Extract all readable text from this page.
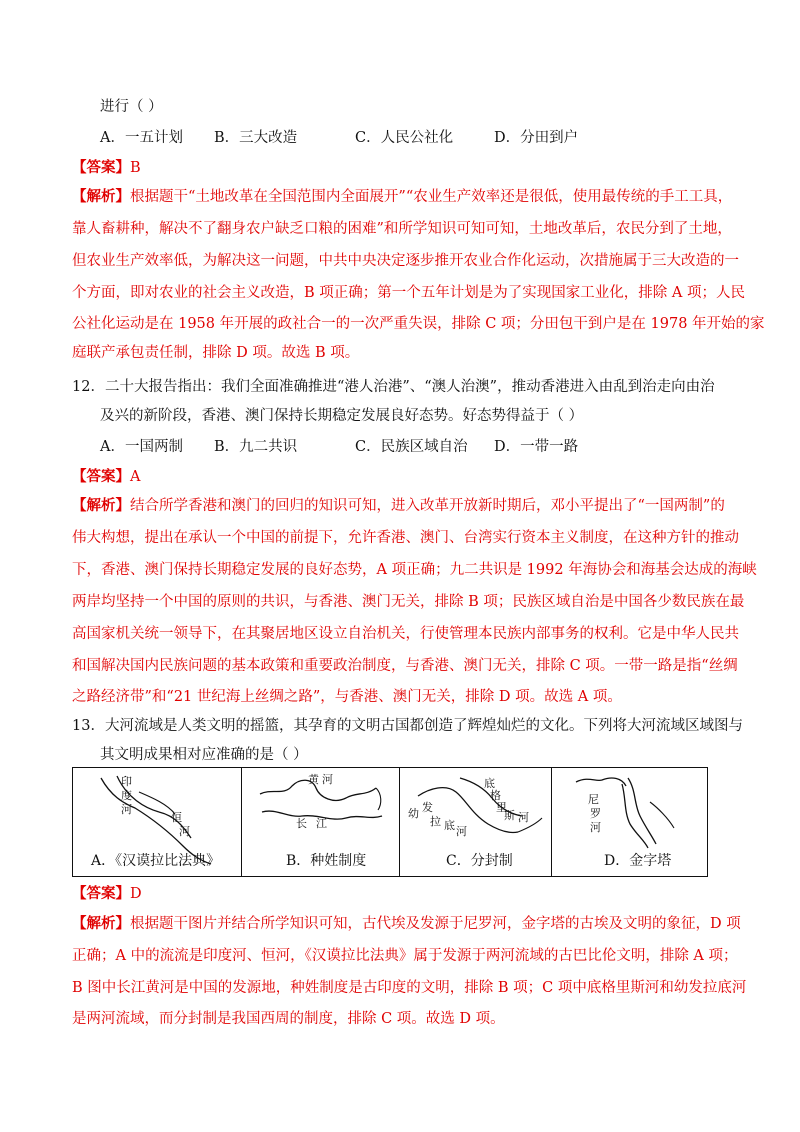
进行（ ）
A．一五计划 B．三大改造	C．人民公社化	D．分田到户
【答案】B
【解析】根据题干“土地改革在全国范围内全面展开”“农业生产效率还是很低，使用最传统的手工工具，
靠人畜耕种，解决不了翻身农户缺乏口粮的困难”和所学知识可知可知，土地改革后，农民分到了土地，
但农业生产效率低，为解决这一问题，中共中央决定逐步推开农业合作化运动，次措施属于三大改造的一
个方面，即对农业的社会主义改造，B 项正确；第一个五年计划是为了实现国家工业化，排除 A 项；人民
公社化运动是在 1958 年开展的政社合一的一次严重失误，排除 C 项；分田包干到户是在 1978 年开始的家
庭联产承包责任制，排除 D 项。故选 B 项。
12．二十大报告指出：我们全面准确推进“港人治港”、“澳人治澳”，推动香港进入由乱到治走向由治
及兴的新阶段，香港、澳门保持长期稳定发展良好态势。好态势得益于（ ）
A．一国两制 B．九二共识	C．民族区域自治 D．一带一路
【答案】A
【解析】结合所学香港和澳门的回归的知识可知，进入改革开放新时期后，邓小平提出了“一国两制”的
伟大构想，提出在承认一个中国的前提下，允许香港、澳门、台湾实行资本主义制度，在这种方针的推动
下，香港、澳门保持长期稳定发展的良好态势，A 项正确；九二共识是 1992 年海协会和海基会达成的海峡
两岸均坚持一个中国的原则的共识，与香港、澳门无关，排除 B 项；民族区域自治是中国各少数民族在最
高国家机关统一领导下，在其聚居地区设立自治机关，行使管理本民族内部事务的权利。它是中华人民共
和国解决国内民族问题的基本政策和重要政治制度，与香港、澳门无关，排除 C 项。一带一路是指“丝绸
之路经济带”和“21 世纪海上丝绸之路”，与香港、澳门无关，排除 D 项。故选 A 项。
13．大河流域是人类文明的摇篮，其孕育的文明古国都创造了辉煌灿烂的文化。下列将大河流域区域图与
其文明成果相对应准确的是（ ）
印
度
河
恒
河
A．《汉谟拉比法典》
黄 河
长 江
B．种姓制度
幼 发
拉 底 河
底
格
里
斯 河
C．分封制
尼
罗
河
D．金字塔
【答案】D
【解析】根据题干图片并结合所学知识可知，古代埃及发源于尼罗河，金字塔的古埃及文明的象征，D 项
正确；A 中的流流是印度河、恒河，《汉谟拉比法典》属于发源于两河流域的古巴比伦文明，排除 A 项；
B 图中长江黄河是中国的发源地，种姓制度是古印度的文明，排除 B 项；C 项中底格里斯河和幼发拉底河
是两河流域，而分封制是我国西周的制度，排除 C 项。故选 D 项。
